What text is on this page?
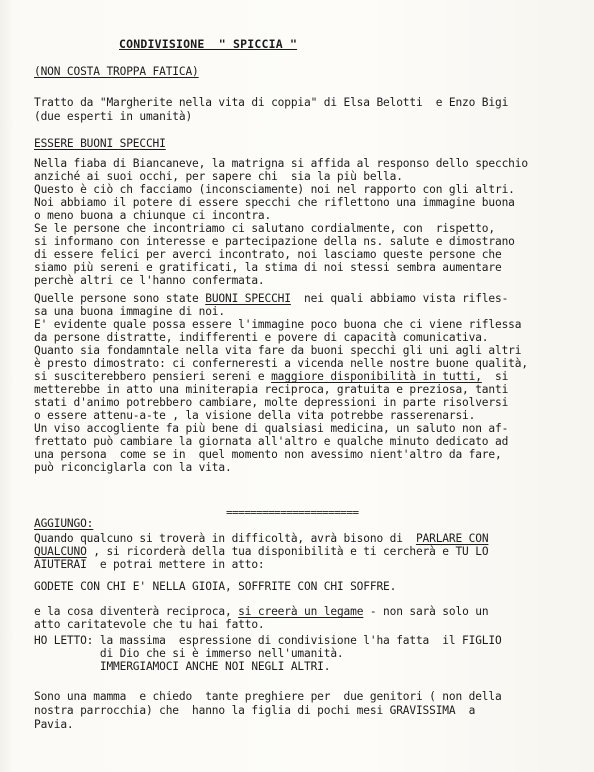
CONDIVISIONE  " SPICCIA "
(NON COSTA TROPPA FATICA)
Tratto da "Margherite nella vita di coppia" di Elsa Belotti  e Enzo Bigi
(due esperti in umanità)
ESSERE BUONI SPECCHI
Nella fiaba di Biancaneve, la matrigna si affida al responso dello specchio
anziché ai suoi occhi, per sapere chi  sia la più bella.
Questo è ciò ch facciamo (inconsciamente) noi nel rapporto con gli altri.
Noi abbiamo il potere di essere specchi che riflettono una immagine buona
o meno buona a chiunque ci incontra.
Se le persone che incontriamo ci salutano cordialmente, con  rispetto,
si informano con interesse e partecipazione della ns. salute e dimostrano
di essere felici per averci incontrato, noi lasciamo queste persone che
siamo più sereni e gratificati, la stima di noi stessi sembra aumentare
perchè altri ce l'hanno confermata.
Quelle persone sono state BUONI SPECCHI  nei quali abbiamo vista rifles-
sa una buona immagine di noi.
E' evidente quale possa essere l'immagine poco buona che ci viene riflessa
da persone distratte, indifferenti e povere di capacità comunicativa.
Quanto sia fondamntale nella vita fare da buoni specchi gli uni agli altri
è presto dimostrato: ci conferneresti a vicenda nelle nostre buone qualità,
si susciterebbero pensieri sereni e maggiore disponibilità in tutti,  si
metterebbe in atto una miniterapia reciproca, gratuita e preziosa, tanti
stati d'animo potrebbero cambiare, molte depressioni in parte risolversi
o essere attenu-a-te , la visione della vita potrebbe rasserenarsi.
Un viso accogliente fa più bene di qualsiasi medicina, un saluto non af-
frettato può cambiare la giornata all'altro e qualche minuto dedicato ad
una persona  come se in  quel momento non avessimo nient'altro da fare,
può riconciglarla con la vita.
======================
AGGIUNGO:
Quando qualcuno si troverà in difficoltà, avrà bisono di  PARLARE CON
QUALCUNO , si ricorderà della tua disponibilità e ti cercherà e TU LO
AIUTERAI  e potrai mettere in atto:
GODETE CON CHI E' NELLA GIOIA, SOFFRITE CON CHI SOFFRE.
e la cosa diventerà reciproca, si creerà un legame - non sarà solo un
atto caritatevole che tu hai fatto.
HO LETTO: la massima  espressione di condivisione l'ha fatta  il FIGLIO
di Dio che si è immerso nell'umanità.
IMMERGIAMOCI ANCHE NOI NEGLI ALTRI.
Sono una mamma  e chiedo  tante preghiere per  due genitori ( non della
nostra parrocchia) che  hanno la figlia di pochi mesi GRAVISSIMA  a
Pavia.
